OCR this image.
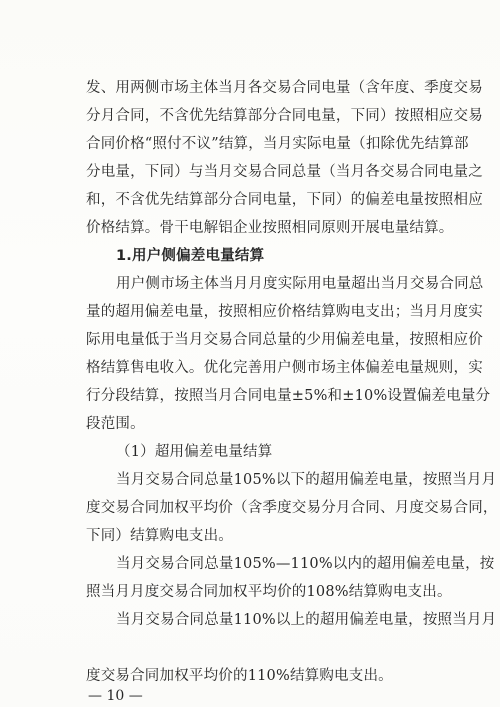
发、用两侧市场主体当月各交易合同电量（含年度、季度交易
分月合同，不含优先结算部分合同电量，下同）按照相应交易
合同价格“照付不议”结算，当月实际电量（扣除优先结算部
分电量，下同）与当月交易合同总量（当月各交易合同电量之
和，不含优先结算部分合同电量，下同）的偏差电量按照相应
价格结算。骨干电解铝企业按照相同原则开展电量结算。
1.用户侧偏差电量结算
用户侧市场主体当月月度实际用电量超出当月交易合同总
量的超用偏差电量，按照相应价格结算购电支出；当月月度实
际用电量低于当月交易合同总量的少用偏差电量，按照相应价
格结算售电收入。优化完善用户侧市场主体偏差电量规则，实
行分段结算，按照当月合同电量±5%和±10%设置偏差电量分
段范围。
（1）超用偏差电量结算
当月交易合同总量105%以下的超用偏差电量，按照当月月
度交易合同加权平均价（含季度交易分月合同、月度交易合同，
下同）结算购电支出。
当月交易合同总量105%—110%以内的超用偏差电量，按
照当月月度交易合同加权平均价的108%结算购电支出。
当月交易合同总量110%以上的超用偏差电量，按照当月月
度交易合同加权平均价的110%结算购电支出。
— 10 —
